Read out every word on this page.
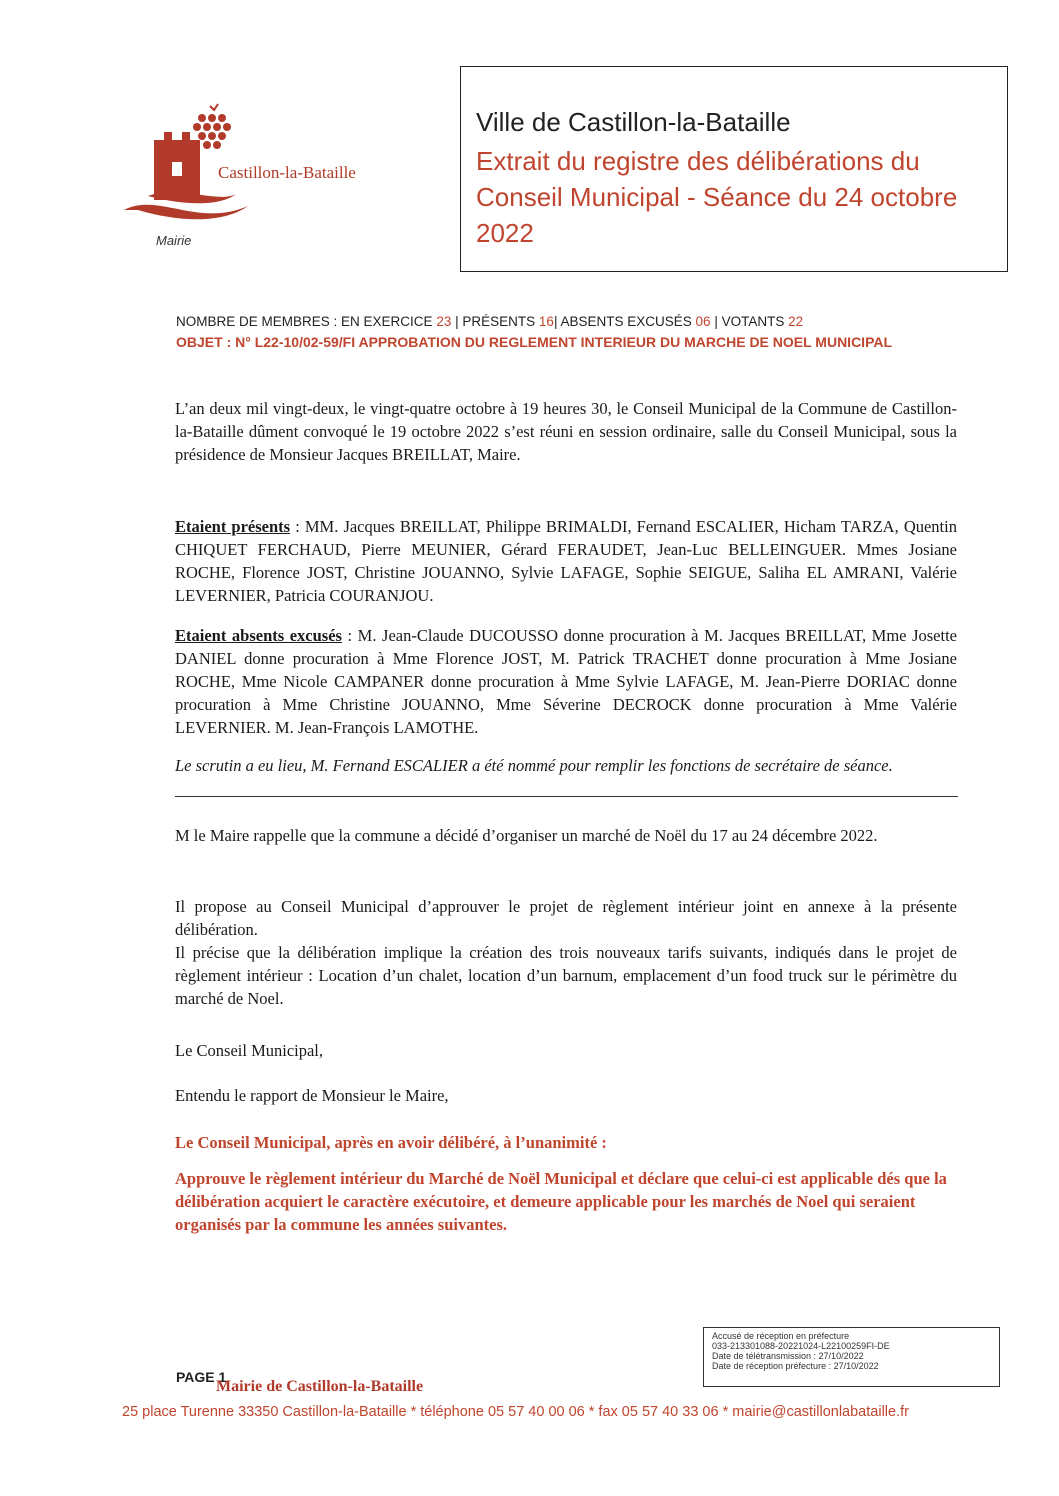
Castillon-la-Bataille
Mairie
Ville de Castillon-la-Bataille
Extrait du registre des délibérations du Conseil Municipal - Séance du 24 octobre 2022
NOMBRE DE MEMBRES : EN EXERCICE 23 | PRÉSENTS 16| ABSENTS EXCUSÉS 06 | VOTANTS 22
OBJET : N° L22-10/02-59/FI APPROBATION DU REGLEMENT INTERIEUR DU MARCHE DE NOEL MUNICIPAL
L’an deux mil vingt-deux, le vingt-quatre octobre à 19 heures 30, le Conseil Municipal de la Commune de Castillon-la-Bataille dûment convoqué le 19 octobre 2022 s’est réuni en session ordinaire, salle du Conseil Municipal, sous la présidence de Monsieur Jacques BREILLAT, Maire.
Etaient présents : MM. Jacques BREILLAT, Philippe BRIMALDI, Fernand ESCALIER, Hicham TARZA, Quentin CHIQUET FERCHAUD, Pierre MEUNIER, Gérard FERAUDET, Jean-Luc BELLEINGUER. Mmes Josiane ROCHE, Florence JOST, Christine JOUANNO, Sylvie LAFAGE, Sophie SEIGUE, Saliha EL AMRANI, Valérie LEVERNIER, Patricia COURANJOU.
Etaient absents excusés : M. Jean-Claude DUCOUSSO donne procuration à M. Jacques BREILLAT, Mme Josette DANIEL donne procuration à Mme Florence JOST, M. Patrick TRACHET donne procuration à Mme Josiane ROCHE, Mme Nicole CAMPANER donne procuration à Mme Sylvie LAFAGE, M. Jean-Pierre DORIAC donne procuration à Mme Christine JOUANNO, Mme Séverine DECROCK donne procuration à Mme Valérie LEVERNIER. M. Jean-François LAMOTHE.
Le scrutin a eu lieu, M. Fernand ESCALIER a été nommé pour remplir les fonctions de secrétaire de séance.
M le Maire rappelle que la commune a décidé d’organiser un marché de Noël du 17 au 24 décembre 2022.
Il propose au Conseil Municipal d’approuver le projet de règlement intérieur joint en annexe à la présente délibération.
Il précise que la délibération implique la création des trois nouveaux tarifs suivants, indiqués dans le projet de règlement intérieur : Location d’un chalet, location d’un barnum, emplacement d’un food truck sur le périmètre du marché de Noel.
Le Conseil Municipal,
Entendu le rapport de Monsieur le Maire,
Le Conseil Municipal, après en avoir délibéré, à l’unanimité :
Approuve le règlement intérieur du Marché de Noël Municipal et déclare que celui-ci est applicable dés que la délibération acquiert le caractère exécutoire, et demeure applicable pour les marchés de Noel qui seraient organisés par la commune les années suivantes.
Accusé de réception en préfecture
033-213301088-20221024-L22100259FI-DE
Date de télétransmission : 27/10/2022
Date de réception préfecture : 27/10/2022
PAGE 1
Mairie de Castillon-la-Bataille
25 place Turenne 33350 Castillon-la-Bataille * téléphone 05 57 40 00 06 * fax 05 57 40 33 06 * mairie@castillonlabataille.fr
